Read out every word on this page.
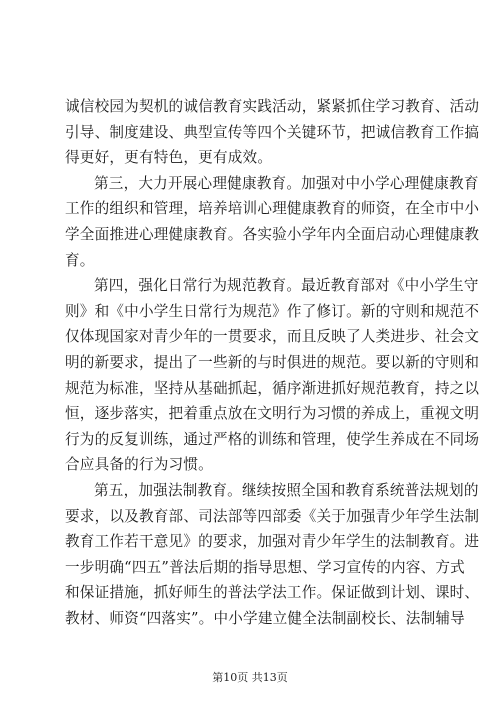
诚信校园为契机的诚信教育实践活动，紧紧抓住学习教育、活动
引导、制度建设、典型宣传等四个关键环节，把诚信教育工作搞
得更好，更有特色，更有成效。
第三，大力开展心理健康教育。加强对中小学心理健康教育
工作的组织和管理，培养培训心理健康教育的师资，在全市中小
学全面推进心理健康教育。各实验小学年内全面启动心理健康教
育。
第四，强化日常行为规范教育。最近教育部对《中小学生守
则》和《中小学生日常行为规范》作了修订。新的守则和规范不
仅体现国家对青少年的一贯要求，而且反映了人类进步、社会文
明的新要求，提出了一些新的与时俱进的规范。要以新的守则和
规范为标准，坚持从基础抓起，循序渐进抓好规范教育，持之以
恒，逐步落实，把着重点放在文明行为习惯的养成上，重视文明
行为的反复训练，通过严格的训练和管理，使学生养成在不同场
合应具备的行为习惯。
第五，加强法制教育。继续按照全国和教育系统普法规划的
要求，以及教育部、司法部等四部委《关于加强青少年学生法制
教育工作若干意见》的要求，加强对青少年学生的法制教育。进
一步明确“四五”普法后期的指导思想、学习宣传的内容、方式
和保证措施，抓好师生的普法学法工作。保证做到计划、课时、
教材、师资“四落实”。中小学建立健全法制副校长、法制辅导
第10页 共13页
